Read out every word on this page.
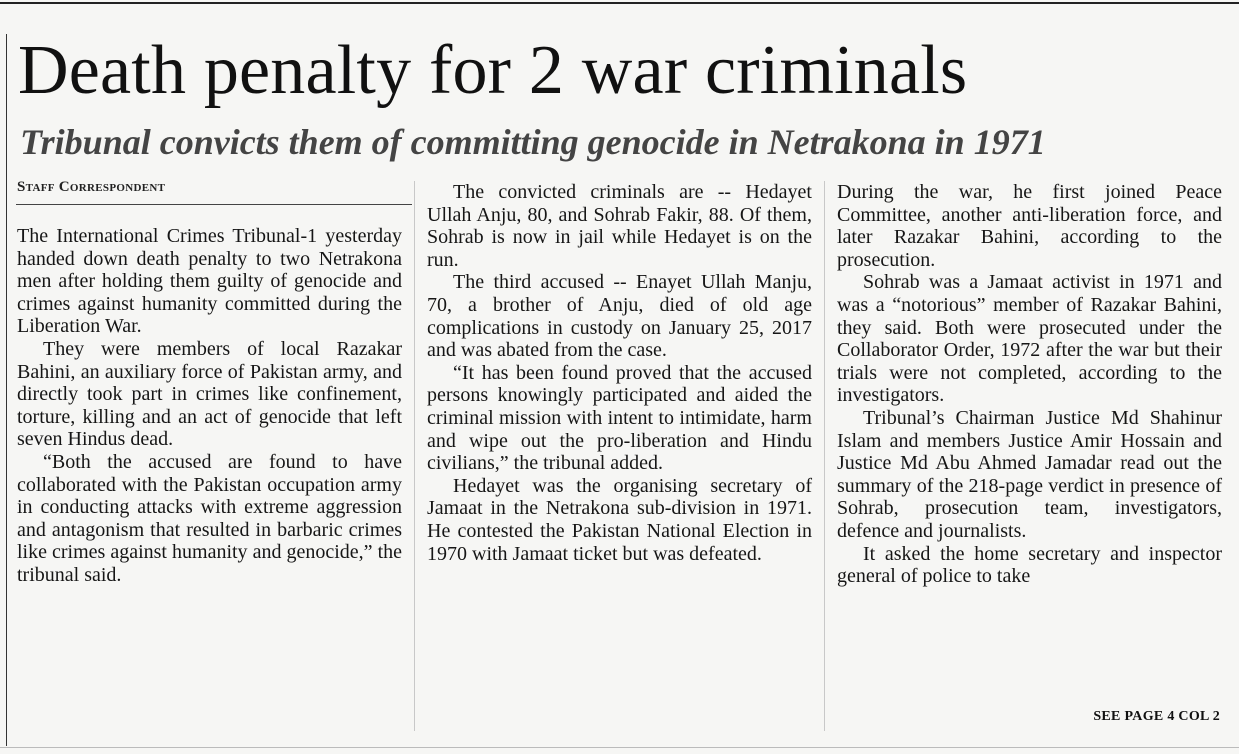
Death penalty for 2 war criminals
Tribunal convicts them of committing genocide in Netrakona in 1971
Staff Correspondent

The International Crimes Tribunal-1 yesterday handed down death penalty to two Netrakona men after holding them guilty of genocide and crimes against humanity committed during the Liberation War.

They were members of local Razakar Bahini, an auxiliary force of Pakistan army, and directly took part in crimes like confinement, torture, killing and an act of genocide that left seven Hindus dead.

“Both the accused are found to have collaborated with the Pakistan occupation army in conducting attacks with extreme aggression and antagonism that resulted in barbaric crimes like crimes against humanity and genocide,” the tribunal said.

The convicted criminals are -- Hedayet Ullah Anju, 80, and Sohrab Fakir, 88. Of them, Sohrab is now in jail while Hedayet is on the run.

The third accused -- Enayet Ullah Manju, 70, a brother of Anju, died of old age complications in custody on January 25, 2017 and was abated from the case.

“It has been found proved that the accused persons knowingly participated and aided the criminal mission with intent to intimidate, harm and wipe out the pro-liberation and Hindu civilians,” the tribunal added.

Hedayet was the organising secretary of Jamaat in the Netrakona sub-division in 1971. He contested the Pakistan National Election in 1970 with Jamaat ticket but was defeated.

During the war, he first joined Peace Committee, another anti-liberation force, and later Razakar Bahini, according to the prosecution.

Sohrab was a Jamaat activist in 1971 and was a “notorious” member of Razakar Bahini, they said. Both were prosecuted under the Collaborator Order, 1972 after the war but their trials were not completed, according to the investigators.

Tribunal’s Chairman Justice Md Shahinur Islam and members Justice Amir Hossain and Justice Md Abu Ahmed Jamadar read out the summary of the 218-page verdict in presence of Sohrab, prosecution team, investigators, defence and journalists.

It asked the home secretary and inspector general of police to take

SEE PAGE 4 COL 2
